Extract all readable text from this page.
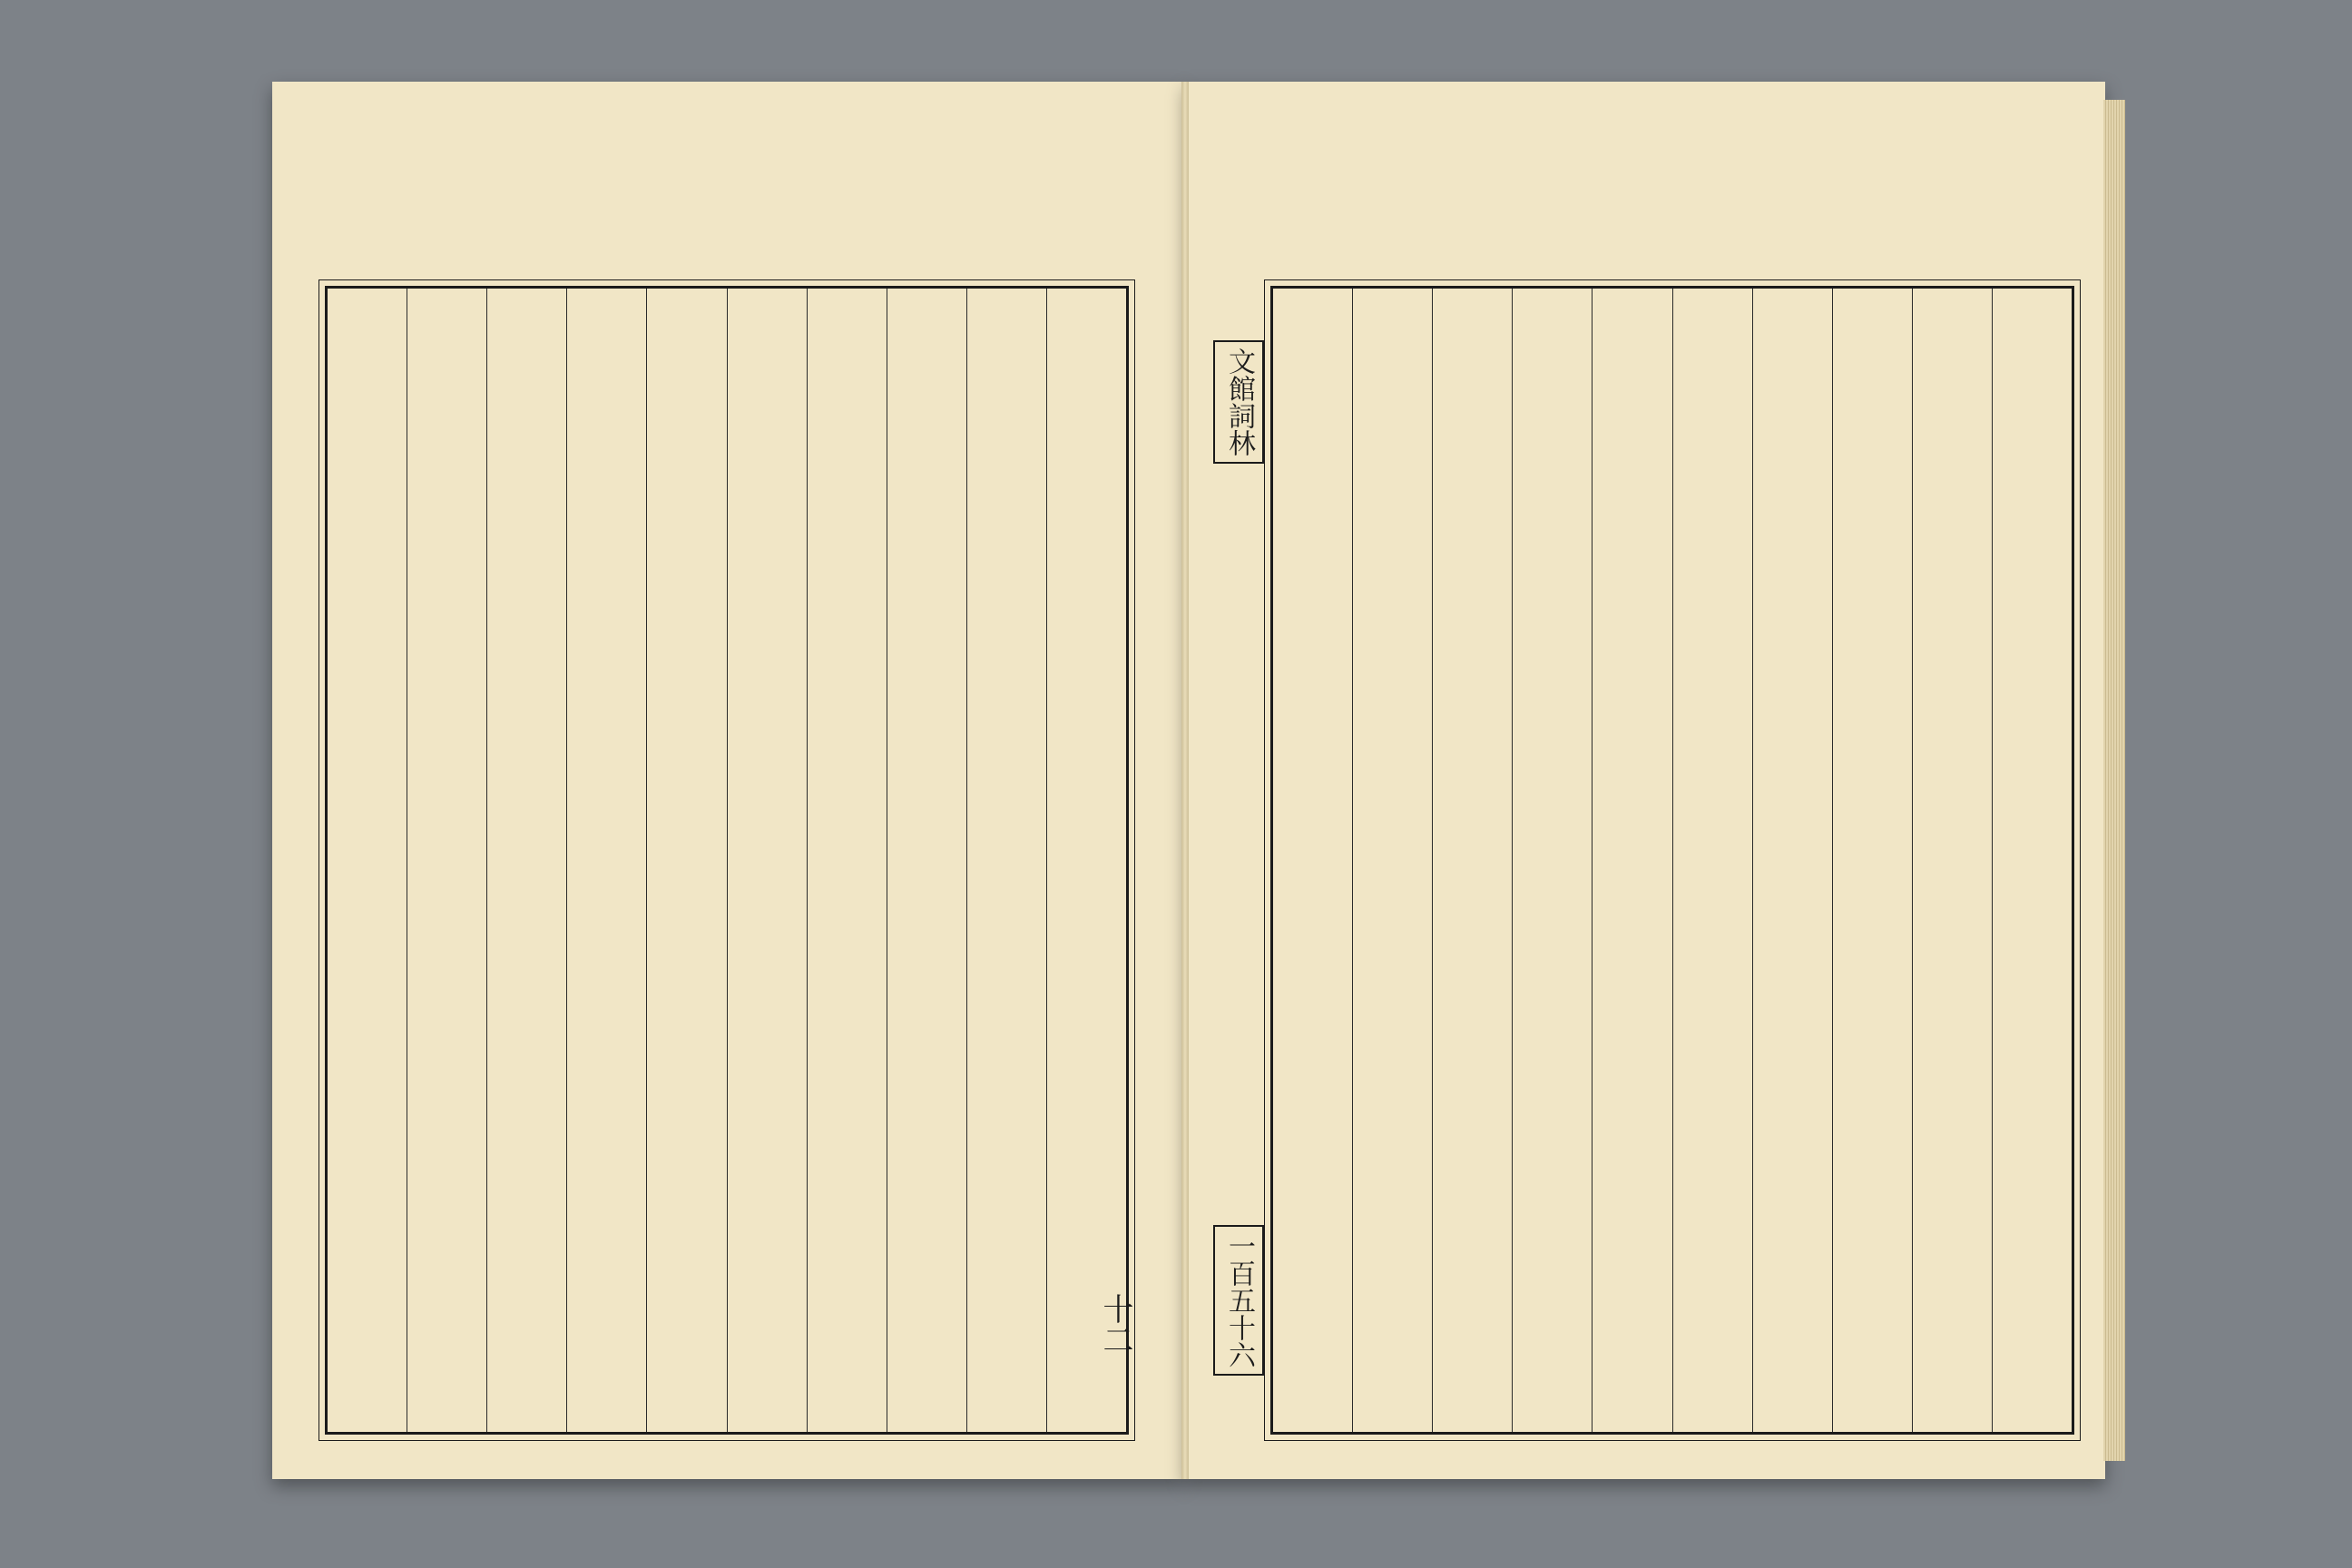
十二
文館詞林
一百五十六
